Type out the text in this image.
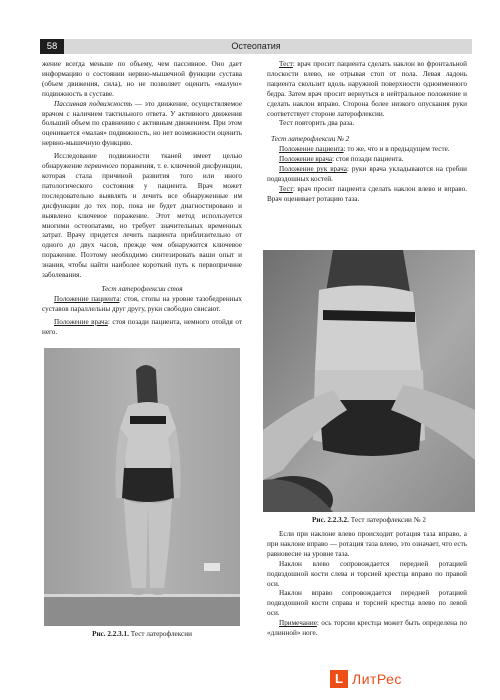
58	Остеопатия

жение всегда меньше по объему, чем пассивное. Оно дает информацию о состоянии нервно-мышечной функции сустава (объем движения, сила), но не позволяет оценить «малую» подвижность в суставе.

Пассивная подвижность — это движение, осуществляемое врачом с наличием тактильного ответа. У активного движения больший объем по сравнению с активным движением. При этом оценивается «малая» подвижность, но нет возможности оценить нервно-мышечную функцию.

Исследование подвижности тканей имеет целью обнаружение первичного поражения, т. е. ключевой дисфункции, которая стала причиной развития того или иного патологического состояния у пациента. Врач может последовательно выявлять и лечить все обнаруженные им дисфункции до тех пор, пока не будет диагностировано и выявлено ключевое поражение. Этот метод используется многими остеопатами, но требует значительных временных затрат. Врачу придется лечить пациента приблизительно от одного до двух часов, прежде чем обнаружится ключевое поражение. Поэтому необходимо синтезировать ваши опыт и знания, чтобы найти наиболее короткий путь к первопричине заболевания.

Тест латерофлексии стоя

Положение пациента: стоя, стопы на уровне тазобедренных суставов параллельны друг другу, руки свободно свисают.

Положение врача: стоя позади пациента, немного отойдя от него.

Тест: врач просит пациента сделать наклон во фронтальной плоскости влево, не отрывая стоп от пола. Левая ладонь пациента скользит вдоль наружной поверхности одноименного бедра. Затем врач просит вернуться в нейтральное положение и сделать наклон вправо. Сторона более низкого опускания руки соответствует стороне латерофлексии.

Тест повторить два раза.

Тест латерофлексии № 2

Положение пациента: то же, что и в предыдущем тесте.

Положение врача: стоя позади пациента.

Положение рук врача: руки врача укладываются на гребни подвздошных костей.

Тест: врач просит пациента сделать наклон влево и вправо. Врач оценивает ротацию таза.

Если при наклоне влево происходит ротация таза вправо, а при наклоне вправо — ротация таза влево, это означает, что есть равновесие на уровне таза.

Наклон влево сопровождается передней ротацией подвздошной кости слева и торсией крестца вправо по правой оси.

Наклон вправо сопровождается передней ротацией подвздошной кости справа и торсией крестца влево по левой оси.

Примечание: ось торсии крестца может быть определена по «длинной» ноге.

Рис. 2.2.3.1. Тест латерофлексии
Рис. 2.2.3.2. Тест латерофлексии № 2
L ЛитРес
